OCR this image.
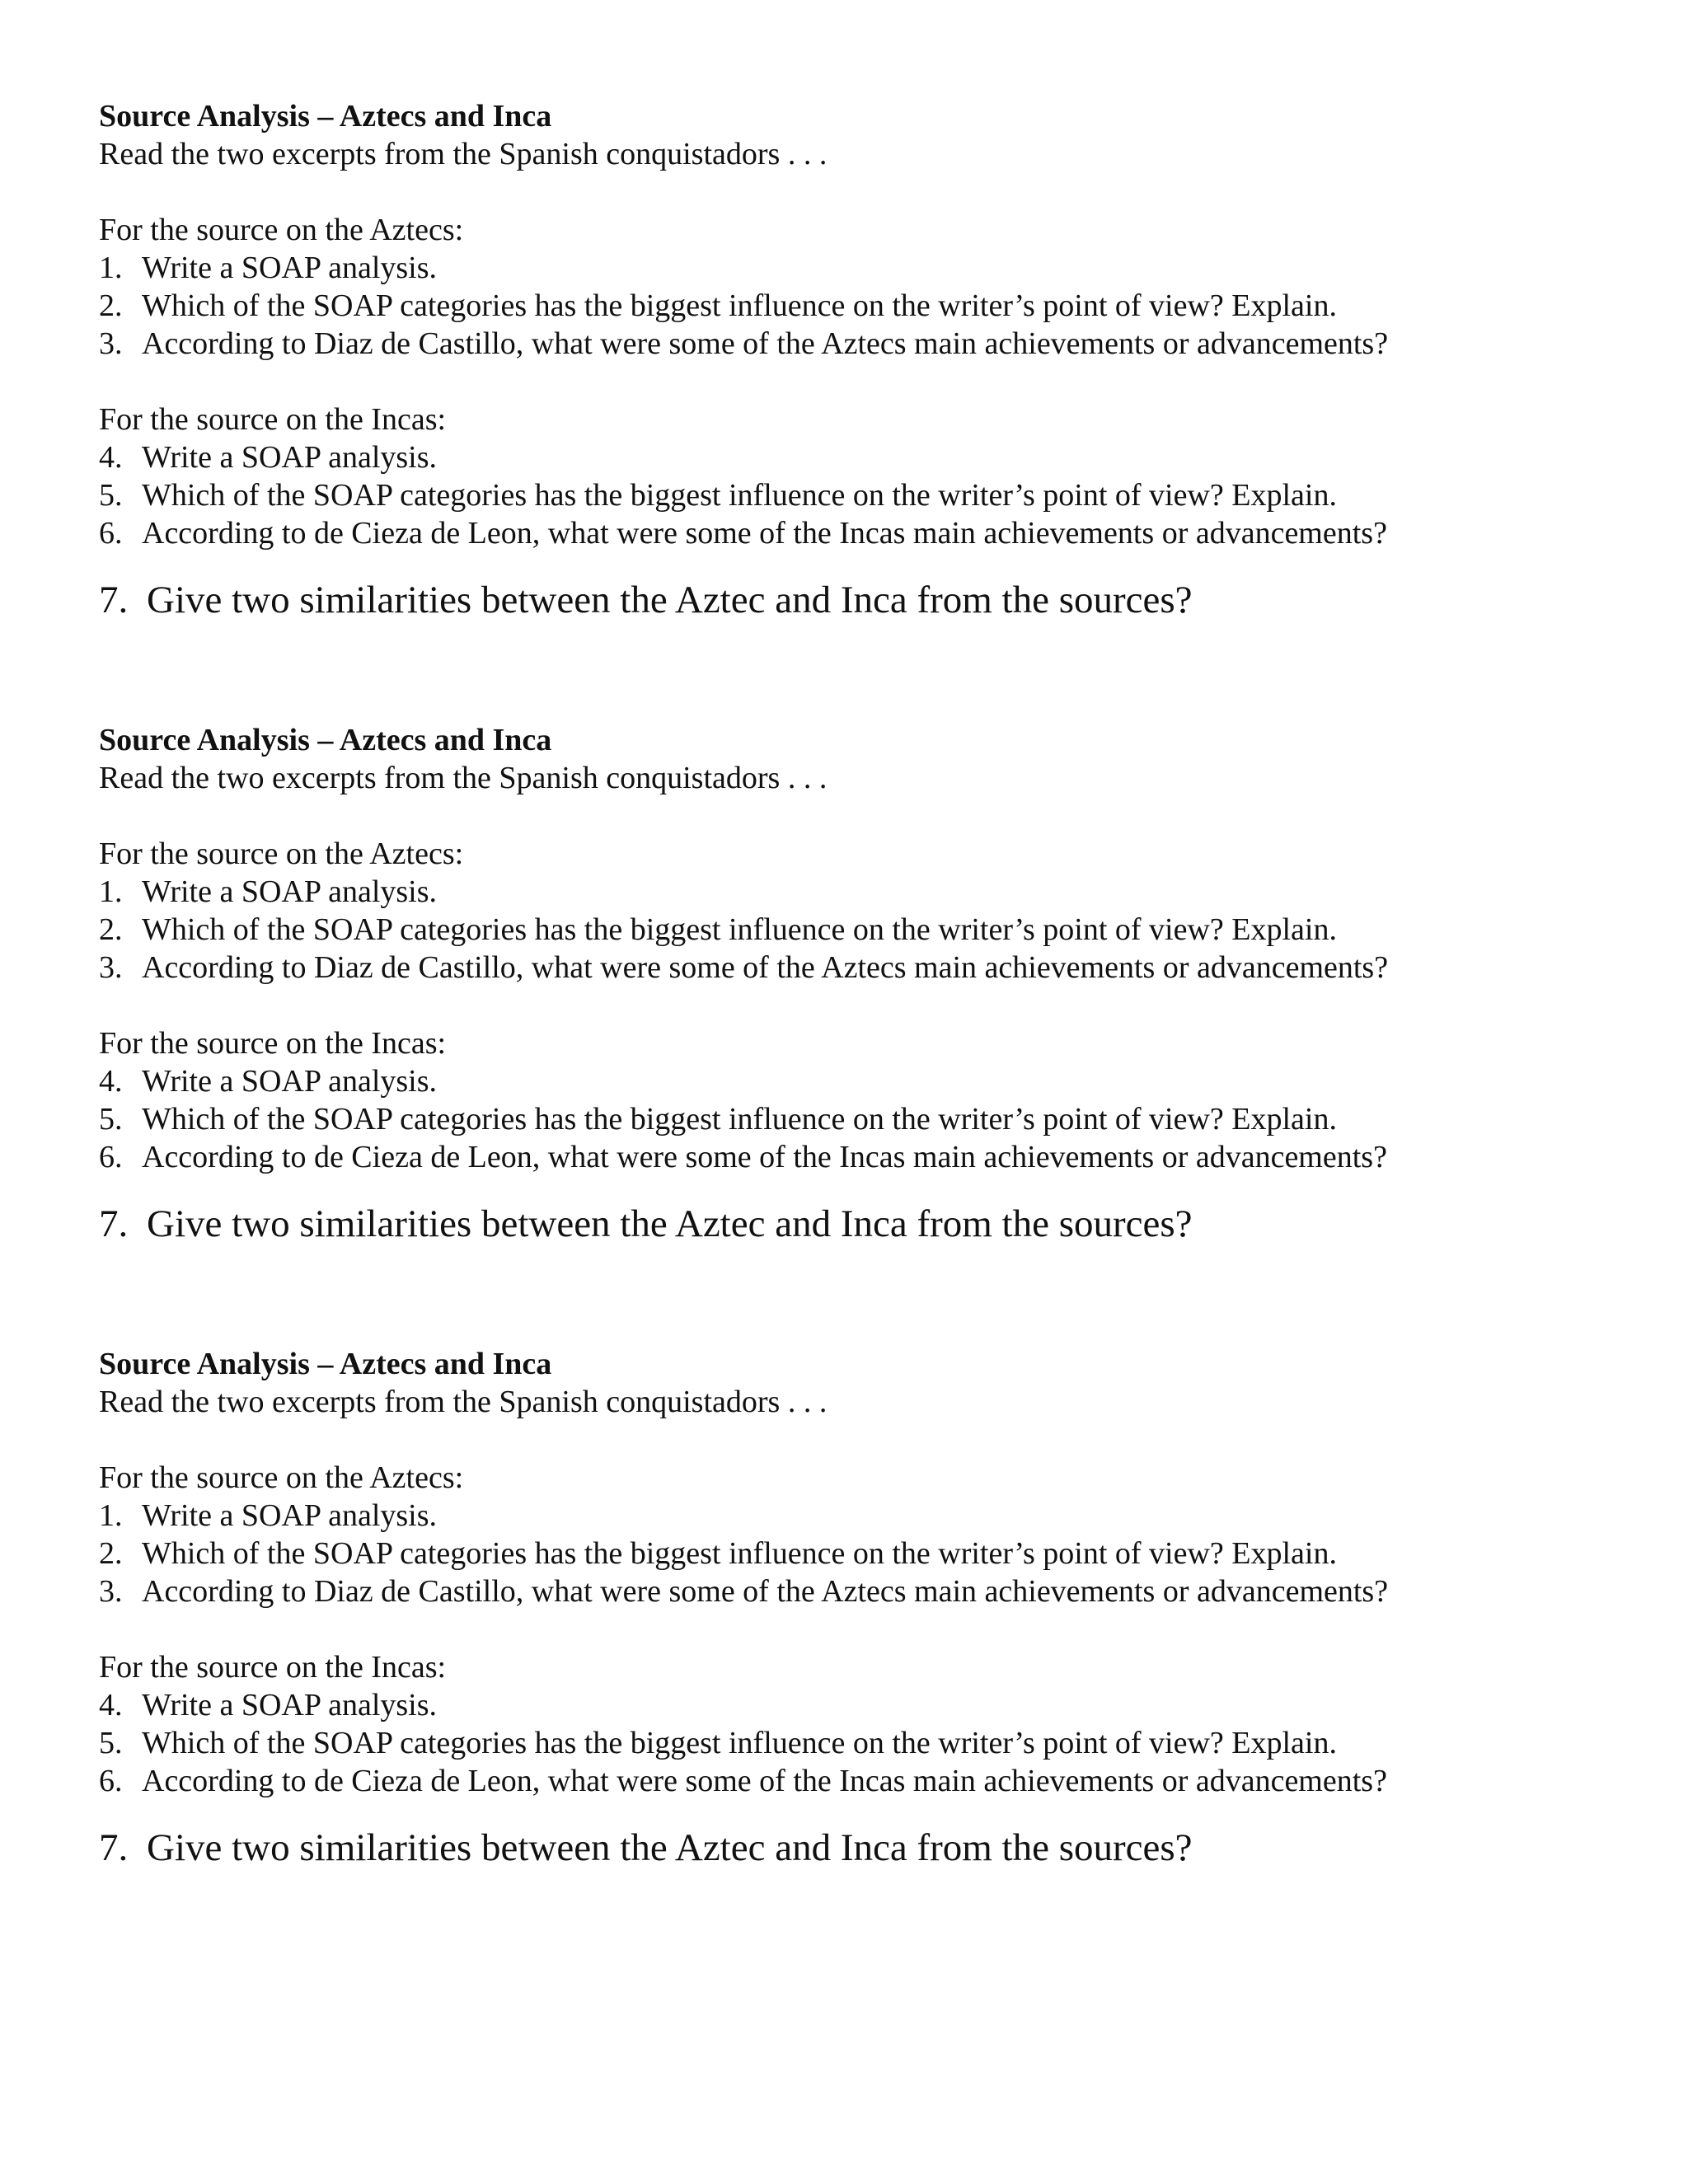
Source Analysis – Aztecs and Inca
Read the two excerpts from the Spanish conquistadors . . .
For the source on the Aztecs:
1. Write a SOAP analysis.
2. Which of the SOAP categories has the biggest influence on the writer’s point of view? Explain.
3. According to Diaz de Castillo, what were some of the Aztecs main achievements or advancements?
For the source on the Incas:
4. Write a SOAP analysis.
5. Which of the SOAP categories has the biggest influence on the writer’s point of view? Explain.
6. According to de Cieza de Leon, what were some of the Incas main achievements or advancements?
7. Give two similarities between the Aztec and Inca from the sources?
Source Analysis – Aztecs and Inca
Read the two excerpts from the Spanish conquistadors . . .
For the source on the Aztecs:
1. Write a SOAP analysis.
2. Which of the SOAP categories has the biggest influence on the writer’s point of view? Explain.
3. According to Diaz de Castillo, what were some of the Aztecs main achievements or advancements?
For the source on the Incas:
4. Write a SOAP analysis.
5. Which of the SOAP categories has the biggest influence on the writer’s point of view? Explain.
6. According to de Cieza de Leon, what were some of the Incas main achievements or advancements?
7. Give two similarities between the Aztec and Inca from the sources?
Source Analysis – Aztecs and Inca
Read the two excerpts from the Spanish conquistadors . . .
For the source on the Aztecs:
1. Write a SOAP analysis.
2. Which of the SOAP categories has the biggest influence on the writer’s point of view? Explain.
3. According to Diaz de Castillo, what were some of the Aztecs main achievements or advancements?
For the source on the Incas:
4. Write a SOAP analysis.
5. Which of the SOAP categories has the biggest influence on the writer’s point of view? Explain.
6. According to de Cieza de Leon, what were some of the Incas main achievements or advancements?
7. Give two similarities between the Aztec and Inca from the sources?
